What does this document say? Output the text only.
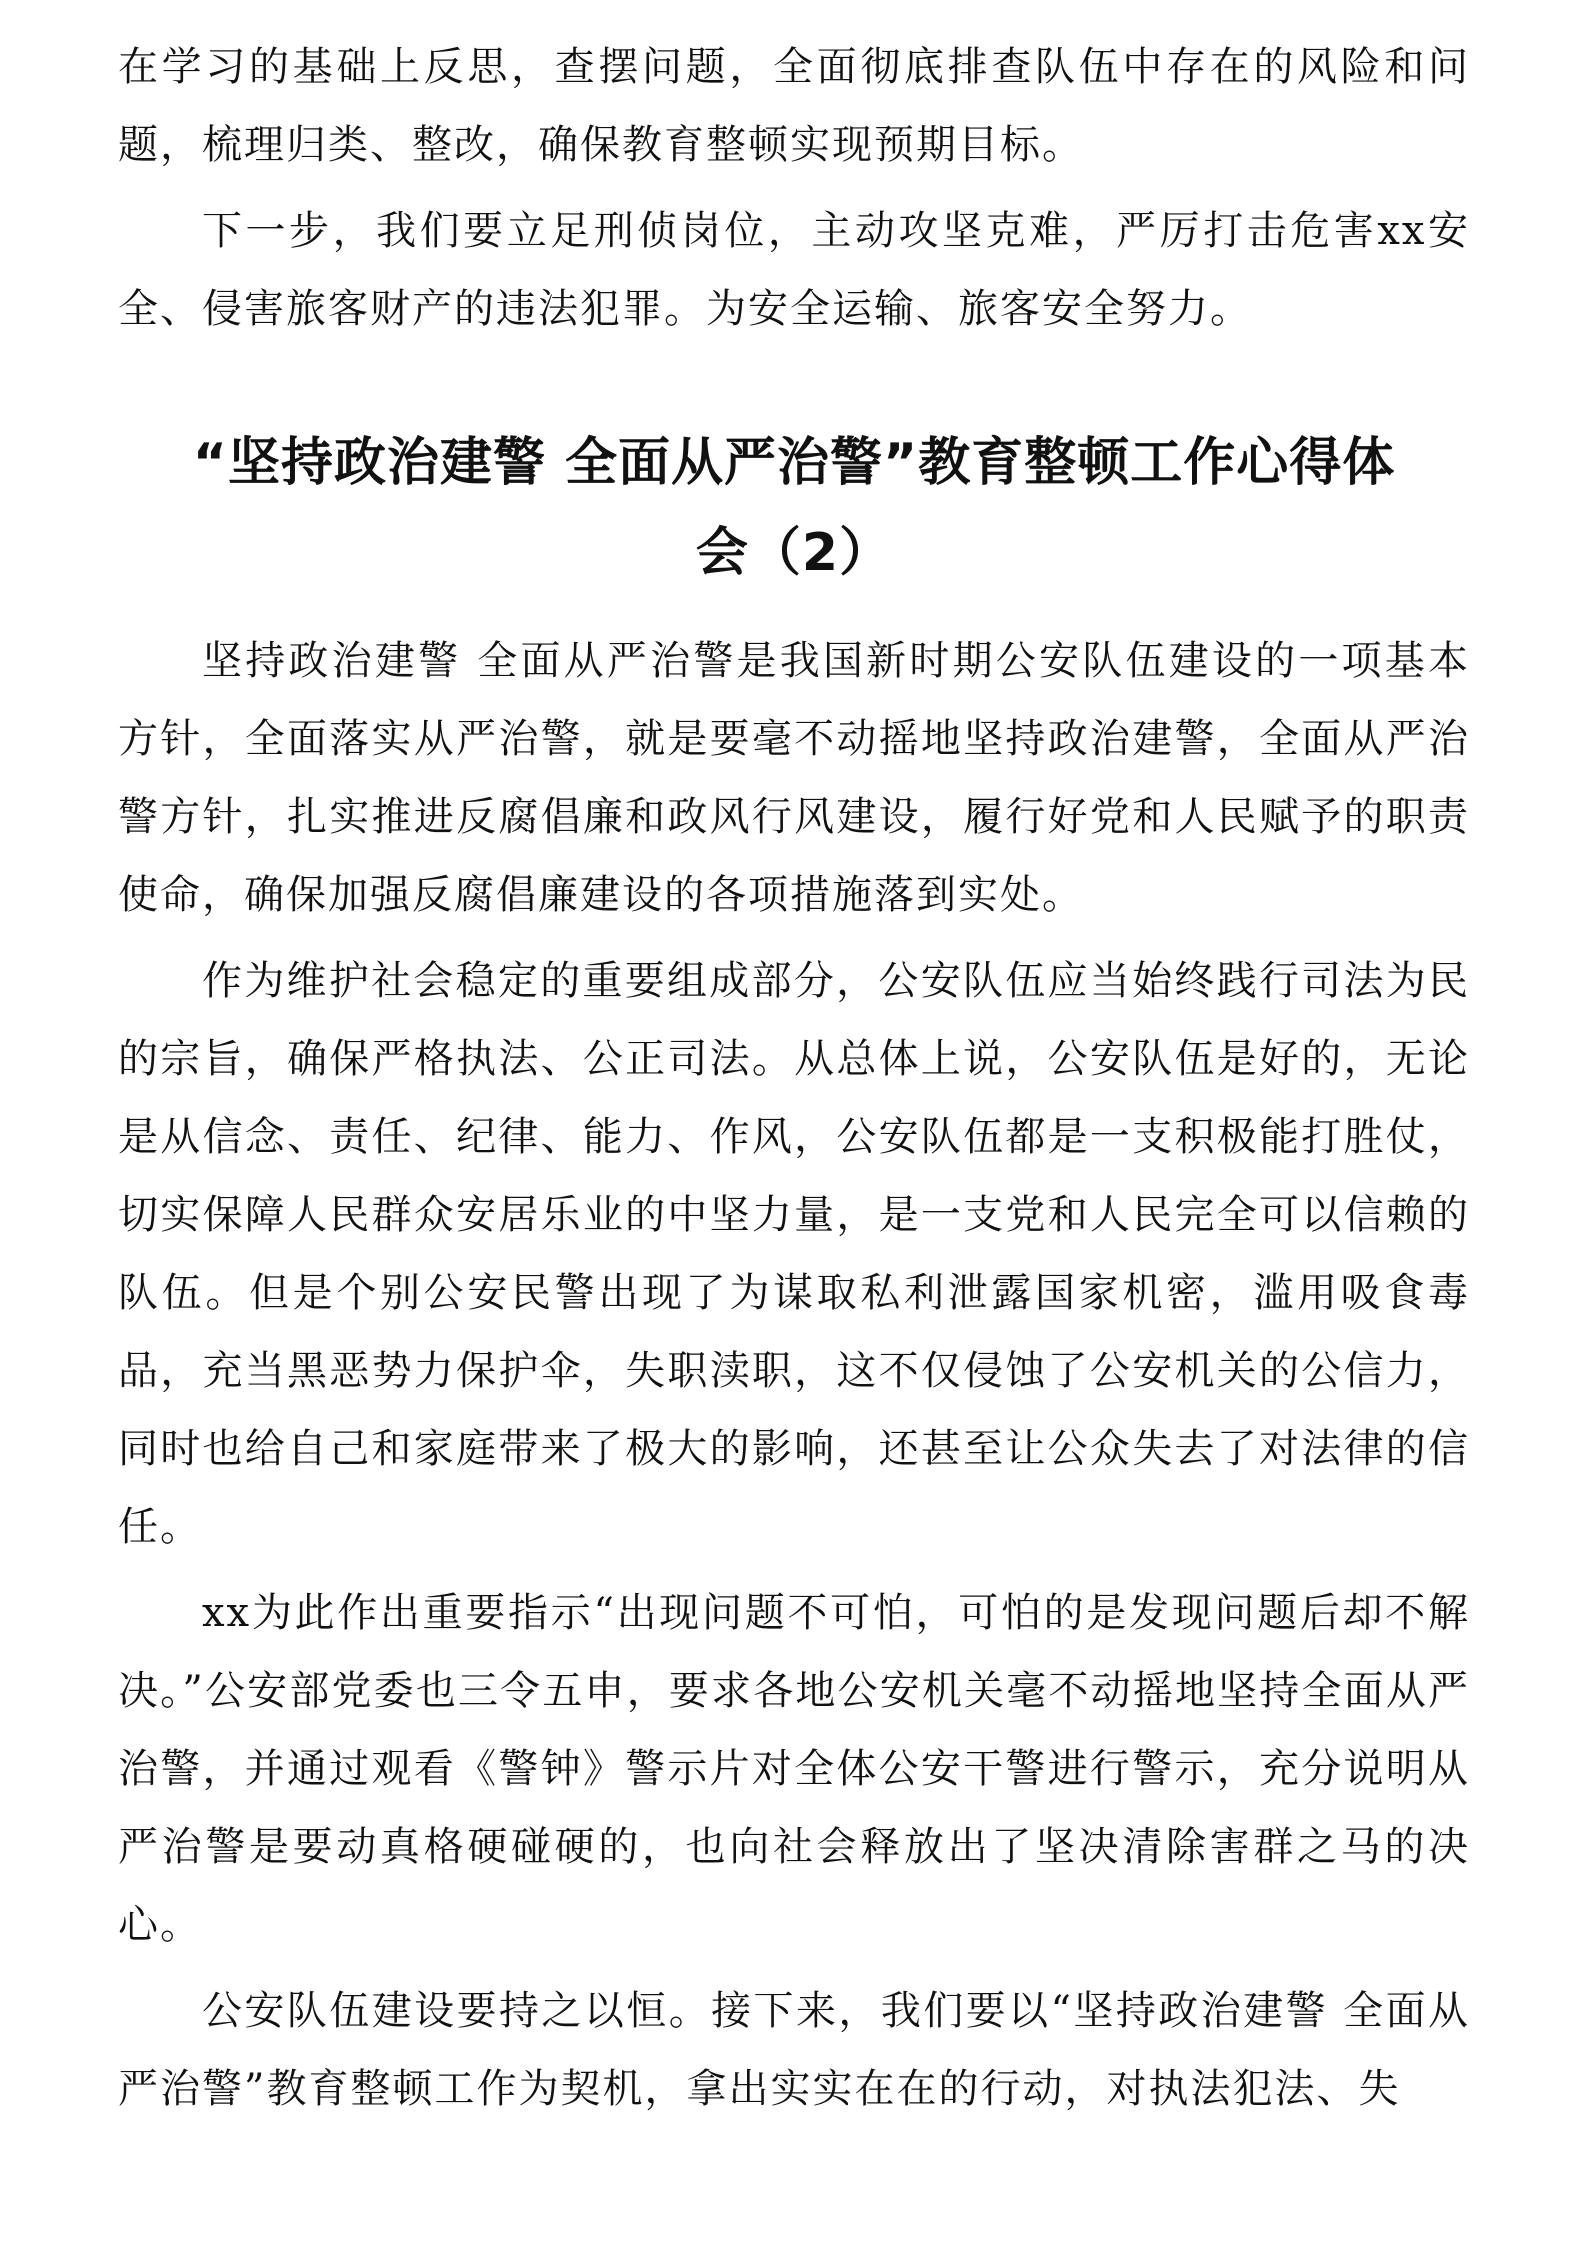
在学习的基础上反思，查摆问题，全面彻底排查队伍中存在的风险和问题，梳理归类、整改，确保教育整顿实现预期目标。

下一步，我们要立足刑侦岗位，主动攻坚克难，严厉打击危害xx安全、侵害旅客财产的违法犯罪。为安全运输、旅客安全努力。

“坚持政治建警 全面从严治警”教育整顿工作心得体
会（2）

坚持政治建警 全面从严治警是我国新时期公安队伍建设的一项基本方针，全面落实从严治警，就是要毫不动摇地坚持政治建警，全面从严治警方针，扎实推进反腐倡廉和政风行风建设，履行好党和人民赋予的职责使命，确保加强反腐倡廉建设的各项措施落到实处。

作为维护社会稳定的重要组成部分，公安队伍应当始终践行司法为民的宗旨，确保严格执法、公正司法。从总体上说，公安队伍是好的，无论是从信念、责任、纪律、能力、作风，公安队伍都是一支积极能打胜仗，切实保障人民群众安居乐业的中坚力量，是一支党和人民完全可以信赖的队伍。但是个别公安民警出现了为谋取私利泄露国家机密，滥用吸食毒品，充当黑恶势力保护伞，失职渎职，这不仅侵蚀了公安机关的公信力，同时也给自己和家庭带来了极大的影响，还甚至让公众失去了对法律的信任。

xx为此作出重要指示“出现问题不可怕，可怕的是发现问题后却不解决。”公安部党委也三令五申，要求各地公安机关毫不动摇地坚持全面从严治警，并通过观看《警钟》警示片对全体公安干警进行警示，充分说明从严治警是要动真格硬碰硬的，也向社会释放出了坚决清除害群之马的决心。

公安队伍建设要持之以恒。接下来，我们要以“坚持政治建警 全面从严治警”教育整顿工作为契机，拿出实实在在的行动，对执法犯法、失
